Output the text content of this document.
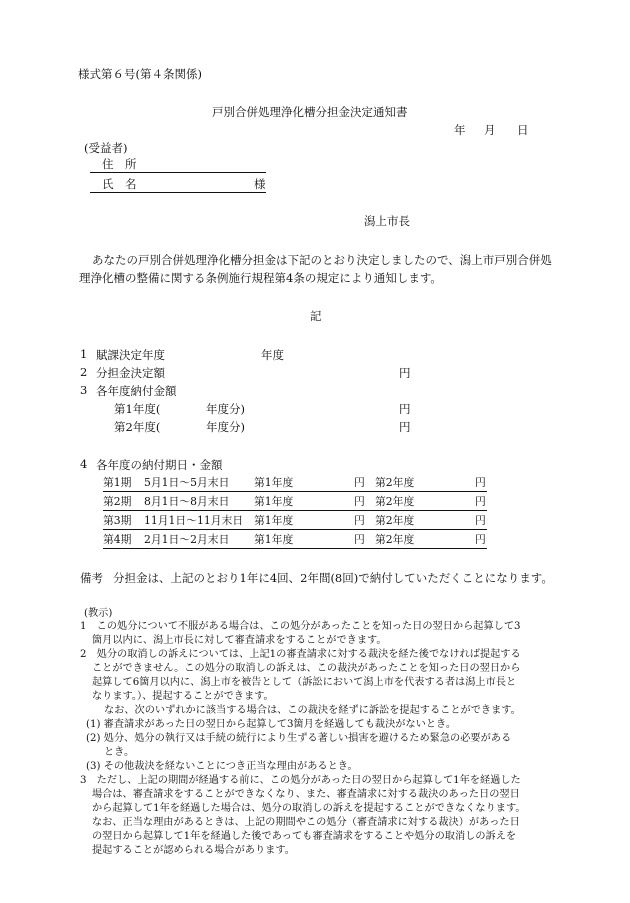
様式第６号(第４条関係)
戸別合併処理浄化槽分担金決定通知書
年 月 日
(受益者)
住　所
氏　名	様
潟上市長
あなたの戸別合併処理浄化槽分担金は下記のとおり決定しましたので、潟上市戸別合併処
理浄化槽の整備に関する条例施行規程第4条の規定により通知します。
記
1 賦課決定年度	年度
2 分担金決定額	円
3 各年度納付金額
第1年度(	年度分)	円
第2年度(	年度分)	円
4 各年度の納付期日・金額
第1期 5月1日～5月末日 第1年度	円 第2年度	円
第2期 8月1日～8月末日 第1年度	円 第2年度	円
第3期 11月1日～11月末日 第1年度	円 第2年度	円
第4期 2月1日～2月末日 第1年度	円 第2年度	円
備考 分担金は、上記のとおり1年に4回、2年間(8回)で納付していただくことになります。
(教示)
1　この処分について不服がある場合は、この処分があったことを知った日の翌日から起算して3
箇月以内に、潟上市長に対して審査請求をすることができます。
2　処分の取消しの訴えについては、上記1の審査請求に対する裁決を経た後でなければ提起する
ことができません。この処分の取消しの訴えは、この裁決があったことを知った日の翌日から
起算して6箇月以内に、潟上市を被告として（訴訟において潟上市を代表する者は潟上市長と
なります。）、提起することができます。
なお、次のいずれかに該当する場合は、この裁決を経ずに訴訟を提起することができます。
(1) 審査請求があった日の翌日から起算して3箇月を経過しても裁決がないとき。
(2) 処分、処分の執行又は手続の続行により生ずる著しい損害を避けるため緊急の必要がある
とき。
(3) その他裁決を経ないことにつき正当な理由があるとき。
3　ただし、上記の期間が経過する前に、この処分があった日の翌日から起算して1年を経過した
場合は、審査請求をすることができなくなり、また、審査請求に対する裁決のあった日の翌日
から起算して1年を経過した場合は、処分の取消しの訴えを提起することができなくなります。
なお、正当な理由があるときは、上記の期間やこの処分（審査請求に対する裁決）があった日
の翌日から起算して1年を経過した後であっても審査請求をすることや処分の取消しの訴えを
提起することが認められる場合があります。
